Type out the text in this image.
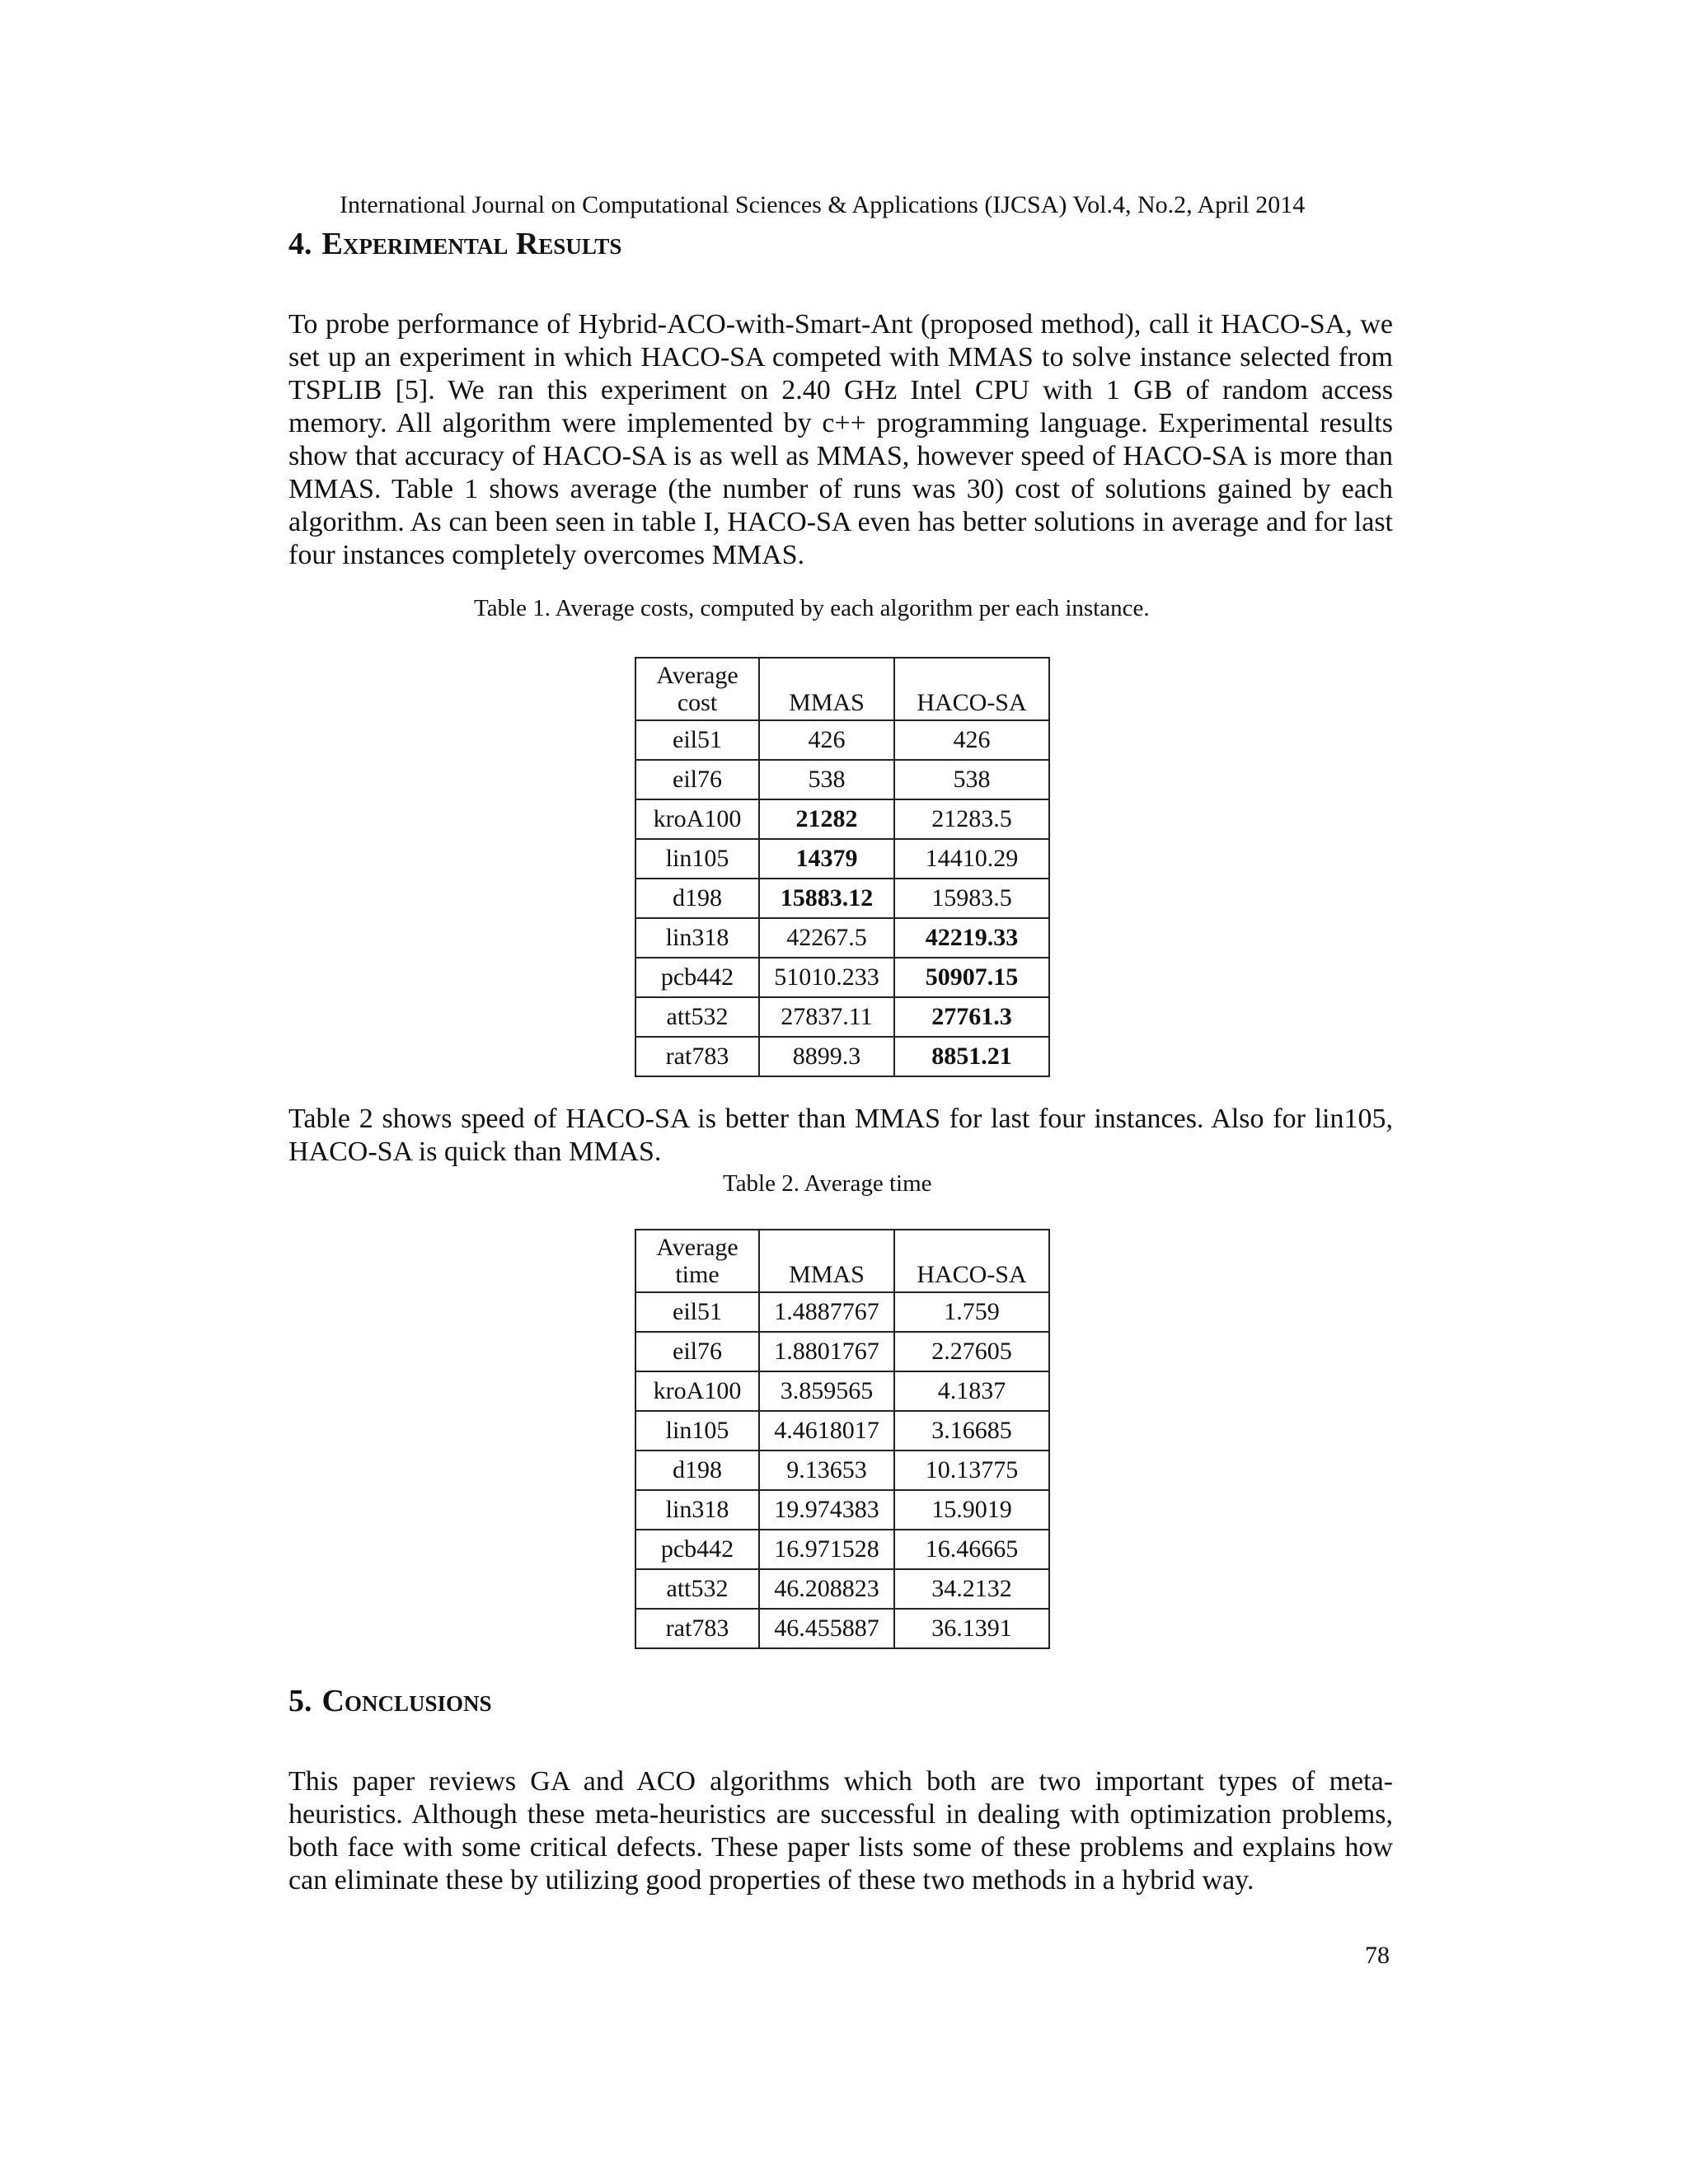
International Journal on Computational Sciences & Applications (IJCSA) Vol.4, No.2, April 2014
4. Experimental Results

To probe performance of Hybrid-ACO-with-Smart-Ant (proposed method), call it HACO-SA, we set up an experiment in which HACO-SA competed with MMAS to solve instance selected from TSPLIB [5]. We ran this experiment on 2.40 GHz Intel CPU with 1 GB of random access memory. All algorithm were implemented by c++ programming language. Experimental results show that accuracy of HACO-SA is as well as MMAS, however speed of HACO-SA is more than MMAS. Table 1 shows average (the number of runs was 30) cost of solutions gained by each algorithm. As can been seen in table I, HACO-SA even has better solutions in average and for last four instances completely overcomes MMAS.

Table 1. Average costs, computed by each algorithm per each instance.
Average
cost	MMAS	HACO-SA
eil51	426	426
eil76	538	538
kroA100	21282	21283.5
lin105	14379	14410.29
d198	15883.12	15983.5
lin318	42267.5	42219.33
pcb442	51010.233	50907.15
att532	27837.11	27761.3
rat783	8899.3	8851.21

Table 2 shows speed of HACO-SA is better than MMAS for last four instances. Also for lin105, HACO-SA is quick than MMAS.

Table 2. Average time
Average
time	MMAS	HACO-SA
eil51	1.4887767	1.759
eil76	1.8801767	2.27605
kroA100	3.859565	4.1837
lin105	4.4618017	3.16685
d198	9.13653	10.13775
lin318	19.974383	15.9019
pcb442	16.971528	16.46665
att532	46.208823	34.2132
rat783	46.455887	36.1391
5. Conclusions

This paper reviews GA and ACO algorithms which both are two important types of meta-heuristics. Although these meta-heuristics are successful in dealing with optimization problems, both face with some critical defects. These paper lists some of these problems and explains how can eliminate these by utilizing good properties of these two methods in a hybrid way.

78
